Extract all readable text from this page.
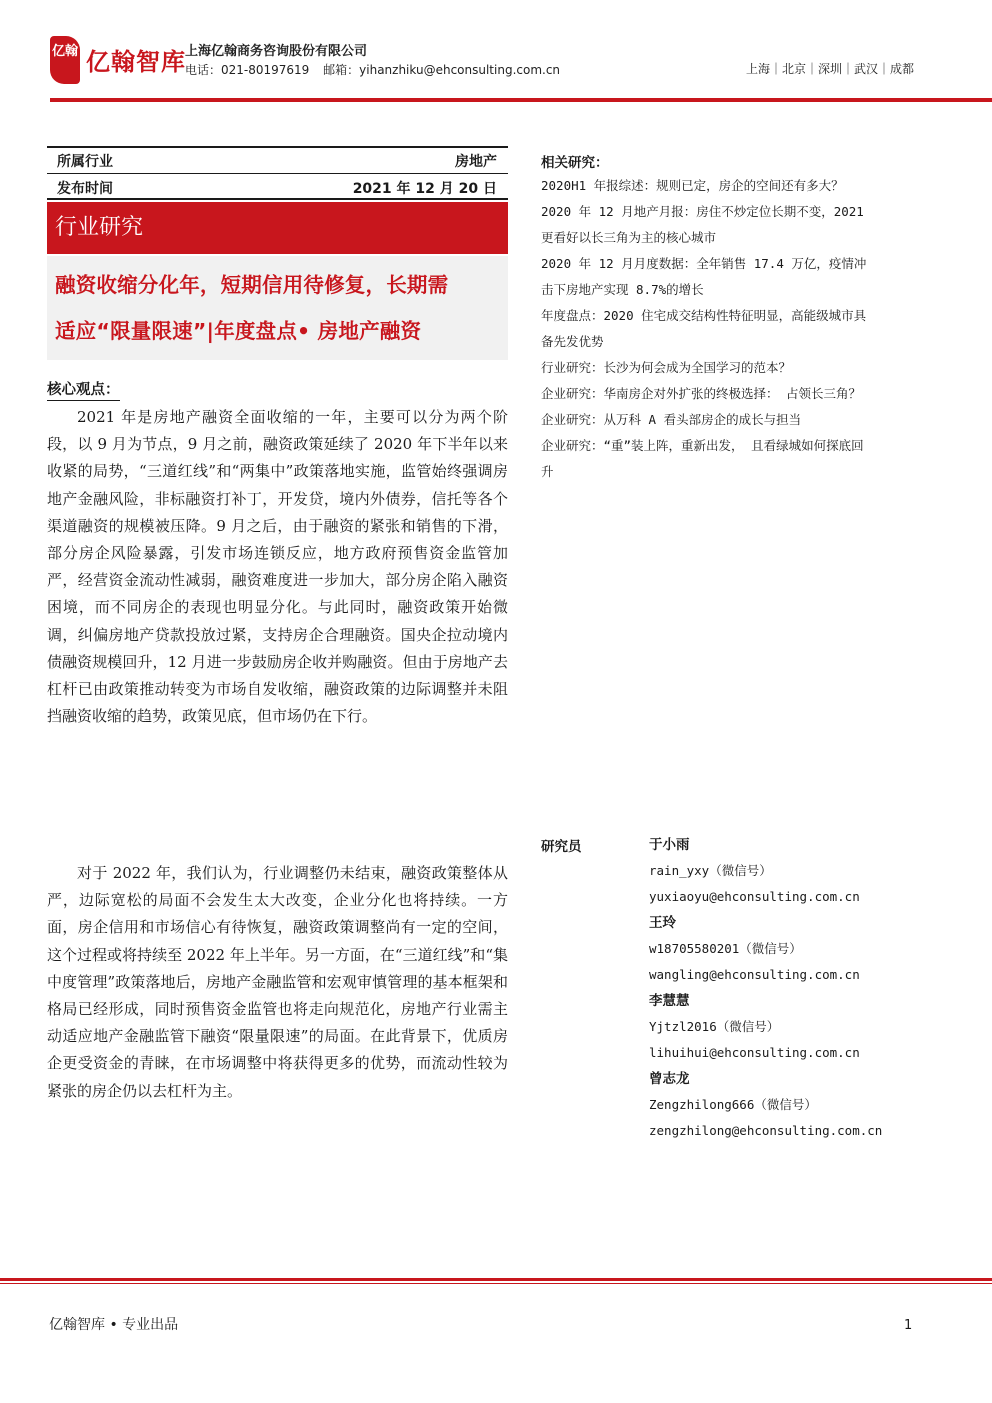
亿翰 亿翰智库 上海亿翰商务咨询股份有限公司
电话：021-80197619 邮箱：yihanzhiku@ehconsulting.com.cn	上海｜北京｜深圳｜武汉｜成都
所属行业	房地产
发布时间	2021 年 12 月 20 日
行业研究
融资收缩分化年，短期信用待修复，长期需
适应“限量限速”|年度盘点• 房地产融资
核心观点：
2021 年是房地产融资全面收缩的一年，主要可以分为两个阶段，以 9 月为节点，9 月之前，融资政策延续了 2020 年下半年以来收紧的局势，“三道红线”和“两集中”政策落地实施，监管始终强调房地产金融风险，非标融资打补丁，开发贷，境内外债券，信托等各个渠道融资的规模被压降。9 月之后，由于融资的紧张和销售的下滑，部分房企风险暴露，引发市场连锁反应，地方政府预售资金监管加严，经营资金流动性减弱，融资难度进一步加大，部分房企陷入融资困境，而不同房企的表现也明显分化。与此同时，融资政策开始微调，纠偏房地产贷款投放过紧，支持房企合理融资。国央企拉动境内债融资规模回升，12 月进一步鼓励房企收并购融资。但由于房地产去杠杆已由政策推动转变为市场自发收缩，融资政策的边际调整并未阻挡融资收缩的趋势，政策见底，但市场仍在下行。
对于 2022 年，我们认为，行业调整仍未结束，融资政策整体从严，边际宽松的局面不会发生太大改变，企业分化也将持续。一方面，房企信用和市场信心有待恢复，融资政策调整尚有一定的空间，这个过程或将持续至 2022 年上半年。另一方面，在“三道红线”和“集中度管理”政策落地后，房地产金融监管和宏观审慎管理的基本框架和格局已经形成，同时预售资金监管也将走向规范化，房地产行业需主动适应地产金融监管下融资“限量限速”的局面。在此背景下，优质房企更受资金的青睐，在市场调整中将获得更多的优势，而流动性较为紧张的房企仍以去杠杆为主。
相关研究：
2020H1 年报综述：规则已定，房企的空间还有多大？
2020 年 12 月地产月报：房住不炒定位长期不变，2021 更看好以长三角为主的核心城市
2020 年 12 月月度数据：全年销售 17.4 万亿，疫情冲击下房地产实现 8.7%的增长
年度盘点：2020 住宅成交结构性特征明显，高能级城市具备先发优势
行业研究：长沙为何会成为全国学习的范本？
企业研究：华南房企对外扩张的终极选择： 占领长三角？
企业研究：从万科 A 看头部房企的成长与担当
企业研究：“重”装上阵，重新出发， 且看绿城如何探底回升
研究员	于小雨
rain_yxy（微信号）
yuxiaoyu@ehconsulting.com.cn
王玲
w18705580201（微信号）
wangling@ehconsulting.com.cn
李慧慧
Yjtzl2016（微信号）
lihuihui@ehconsulting.com.cn
曾志龙
Zengzhilong666（微信号）
zengzhilong@ehconsulting.com.cn
亿翰智库 • 专业出品	1
